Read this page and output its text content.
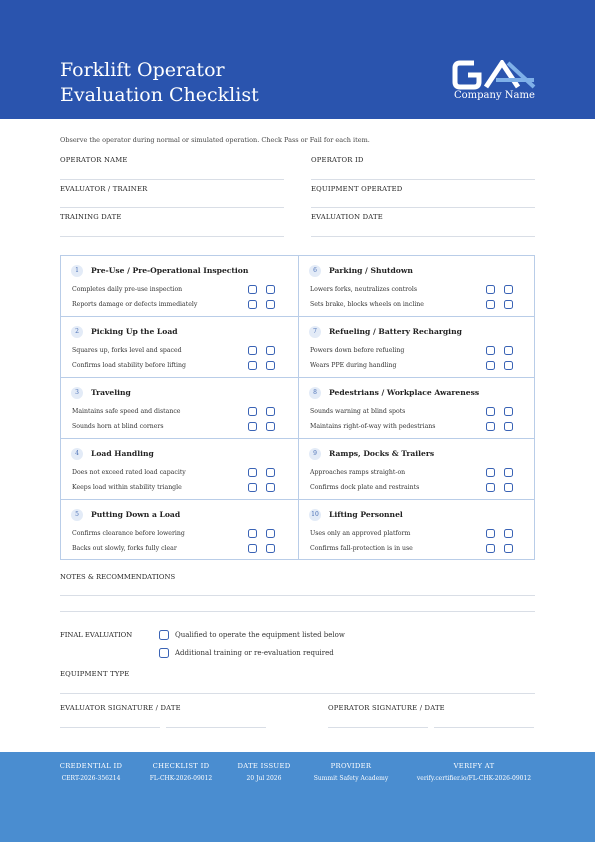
Forklift Operator
Evaluation Checklist	Company Name
Observe the operator during normal or simulated operation. Check Pass or Fail for each item.
OPERATOR NAME	OPERATOR ID
EVALUATOR / TRAINER	EQUIPMENT OPERATED
TRAINING DATE	EVALUATION DATE
1	Pre-Use / Pre-Operational Inspection
Completes daily pre-use inspection
Reports damage or defects immediately
6	Parking / Shutdown
Lowers forks, neutralizes controls
Sets brake, blocks wheels on incline
2	Picking Up the Load
Squares up, forks level and spaced
Confirms load stability before lifting
7	Refueling / Battery Recharging
Powers down before refueling
Wears PPE during handling
3	Traveling
Maintains safe speed and distance
Sounds horn at blind corners
8	Pedestrians / Workplace Awareness
Sounds warning at blind spots
Maintains right-of-way with pedestrians
4	Load Handling
Does not exceed rated load capacity
Keeps load within stability triangle
9	Ramps, Docks & Trailers
Approaches ramps straight-on
Confirms dock plate and restraints
5	Putting Down a Load
Confirms clearance before lowering
Backs out slowly, forks fully clear
10 Lifting Personnel
Uses only an approved platform
Confirms fall-protection is in use
NOTES & RECOMMENDATIONS
FINAL EVALUATION	Qualified to operate the equipment listed below
Additional training or re-evaluation required
EQUIPMENT TYPE
EVALUATOR SIGNATURE / DATE	OPERATOR SIGNATURE / DATE
CREDENTIAL ID
CERT-2026-356214
CHECKLIST ID
FL-CHK-2026-09012
DATE ISSUED
20 Jul 2026
PROVIDER
Summit Safety Academy
VERIFY AT
verify.certifier.io/FL-CHK-2026-09012
